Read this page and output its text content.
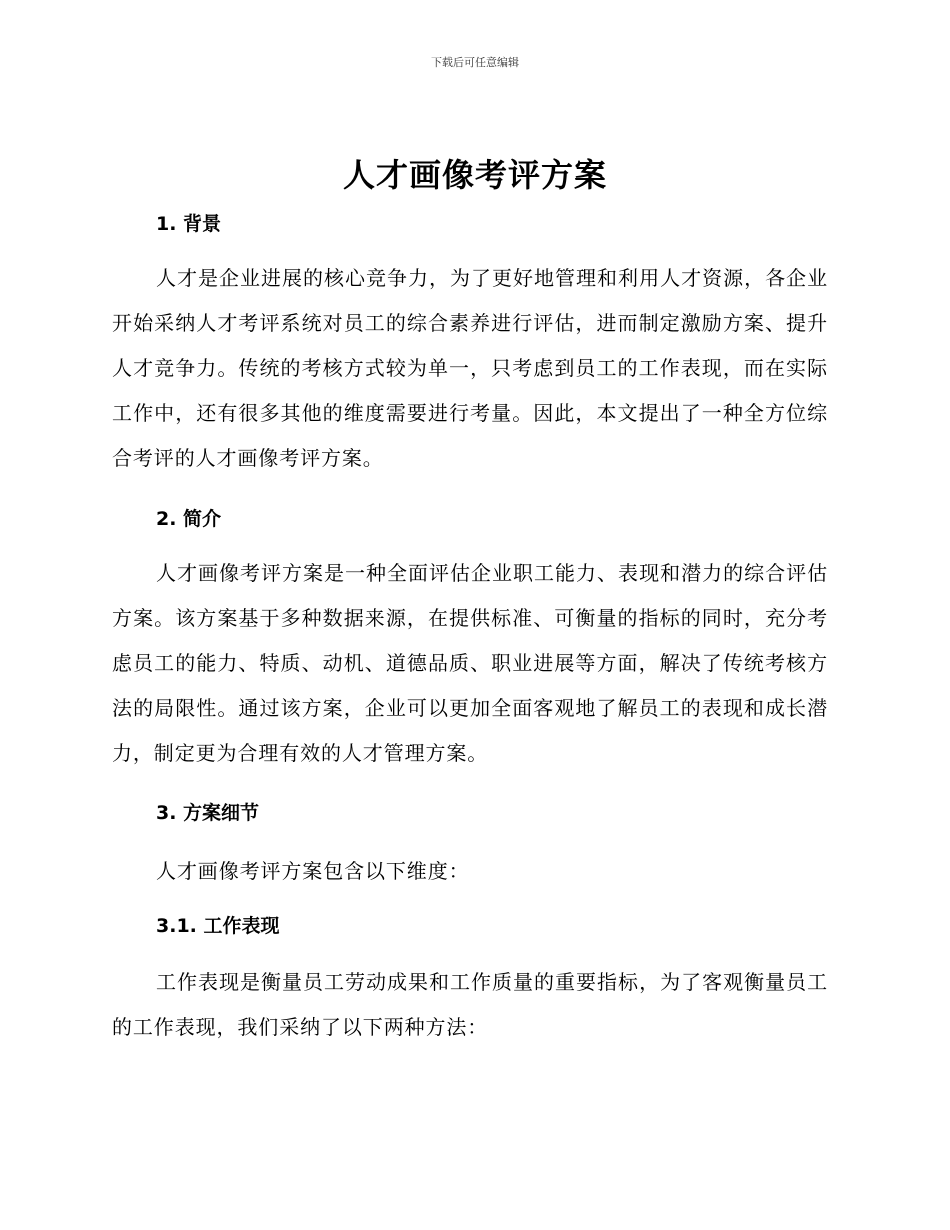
下载后可任意编辑
人才画像考评方案
1. 背景

人才是企业进展的核心竞争力，为了更好地管理和利用人才资源，各企业开始采纳人才考评系统对员工的综合素养进行评估，进而制定激励方案、提升人才竞争力。传统的考核方式较为单一，只考虑到员工的工作表现，而在实际工作中，还有很多其他的维度需要进行考量。因此，本文提出了一种全方位综合考评的人才画像考评方案。

2. 简介

人才画像考评方案是一种全面评估企业职工能力、表现和潜力的综合评估方案。该方案基于多种数据来源，在提供标准、可衡量的指标的同时，充分考虑员工的能力、特质、动机、道德品质、职业进展等方面，解决了传统考核方法的局限性。通过该方案，企业可以更加全面客观地了解员工的表现和成长潜力，制定更为合理有效的人才管理方案。

3. 方案细节
人才画像考评方案包含以下维度：
3.1. 工作表现

工作表现是衡量员工劳动成果和工作质量的重要指标，为了客观衡量员工的工作表现，我们采纳了以下两种方法：
